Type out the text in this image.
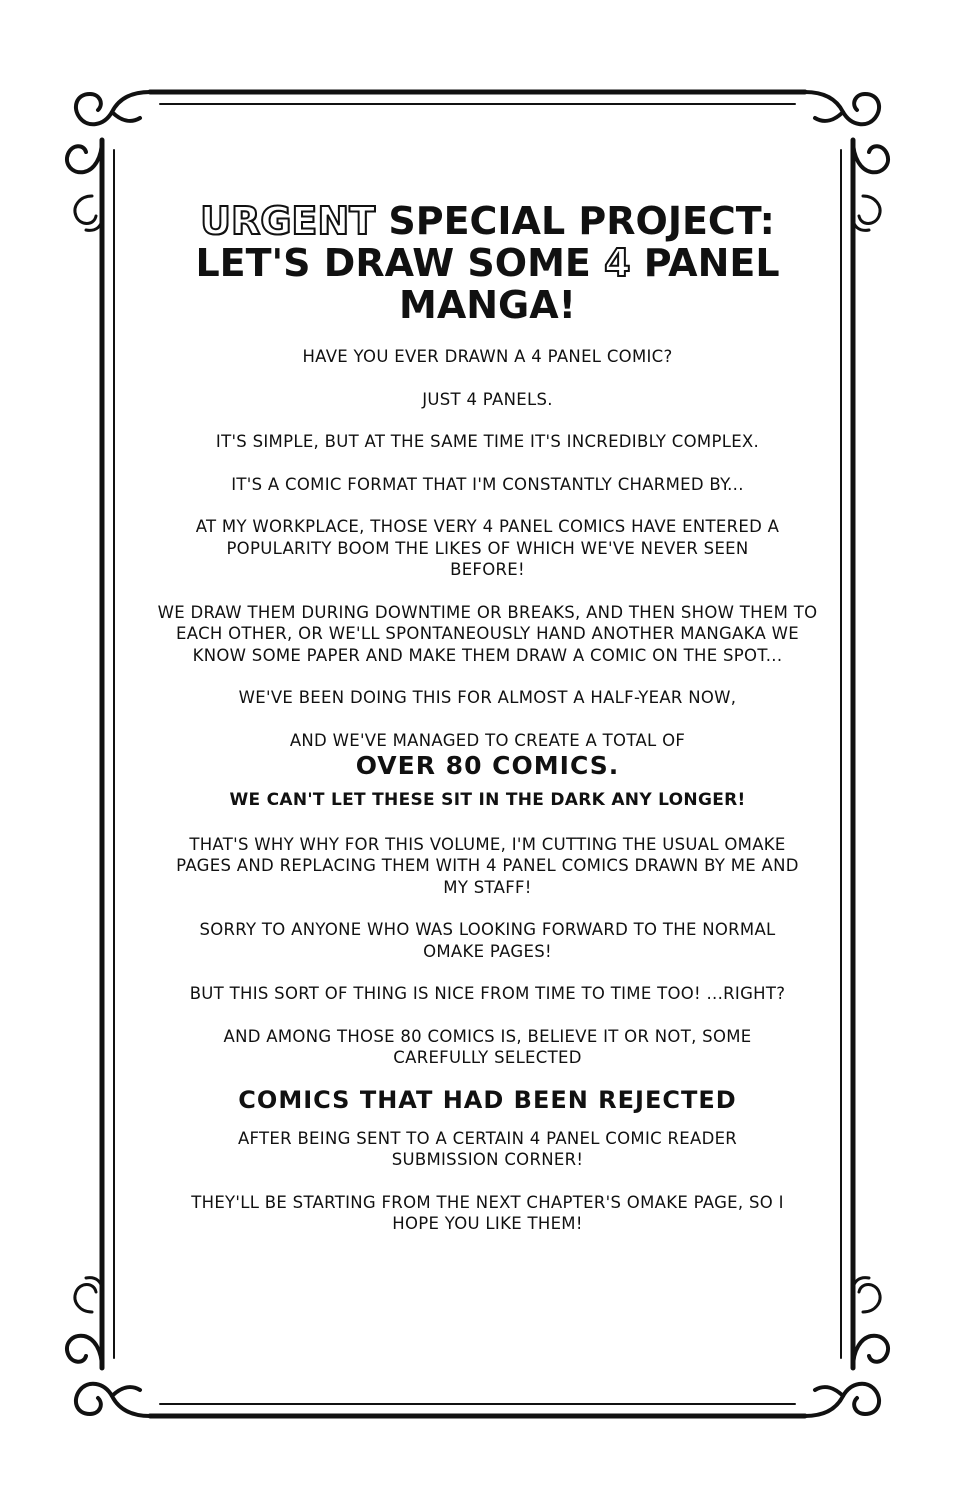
URGENT SPECIAL PROJECT:
LET'S DRAW SOME 4 PANEL
MANGA!

HAVE YOU EVER DRAWN A 4 PANEL COMIC?

JUST 4 PANELS.

IT'S SIMPLE, BUT AT THE SAME TIME IT'S INCREDIBLY COMPLEX.

IT'S A COMIC FORMAT THAT I'M CONSTANTLY CHARMED BY...

AT MY WORKPLACE, THOSE VERY 4 PANEL COMICS HAVE ENTERED A POPULARITY BOOM THE LIKES OF WHICH WE'VE NEVER SEEN BEFORE!

WE DRAW THEM DURING DOWNTIME OR BREAKS, AND THEN SHOW THEM TO EACH OTHER, OR WE'LL SPONTANEOUSLY HAND ANOTHER MANGAKA WE KNOW SOME PAPER AND MAKE THEM DRAW A COMIC ON THE SPOT...

WE'VE BEEN DOING THIS FOR ALMOST A HALF-YEAR NOW,

AND WE'VE MANAGED TO CREATE A TOTAL OF

OVER 80 COMICS.

WE CAN'T LET THESE SIT IN THE DARK ANY LONGER!

THAT'S WHY WHY FOR THIS VOLUME, I'M CUTTING THE USUAL OMAKE PAGES AND REPLACING THEM WITH 4 PANEL COMICS DRAWN BY ME AND MY STAFF!

SORRY TO ANYONE WHO WAS LOOKING FORWARD TO THE NORMAL OMAKE PAGES!

BUT THIS SORT OF THING IS NICE FROM TIME TO TIME TOO! ...RIGHT?

AND AMONG THOSE 80 COMICS IS, BELIEVE IT OR NOT, SOME CAREFULLY SELECTED

COMICS THAT HAD BEEN REJECTED

AFTER BEING SENT TO A CERTAIN 4 PANEL COMIC READER SUBMISSION CORNER!

THEY'LL BE STARTING FROM THE NEXT CHAPTER'S OMAKE PAGE, SO I HOPE YOU LIKE THEM!
